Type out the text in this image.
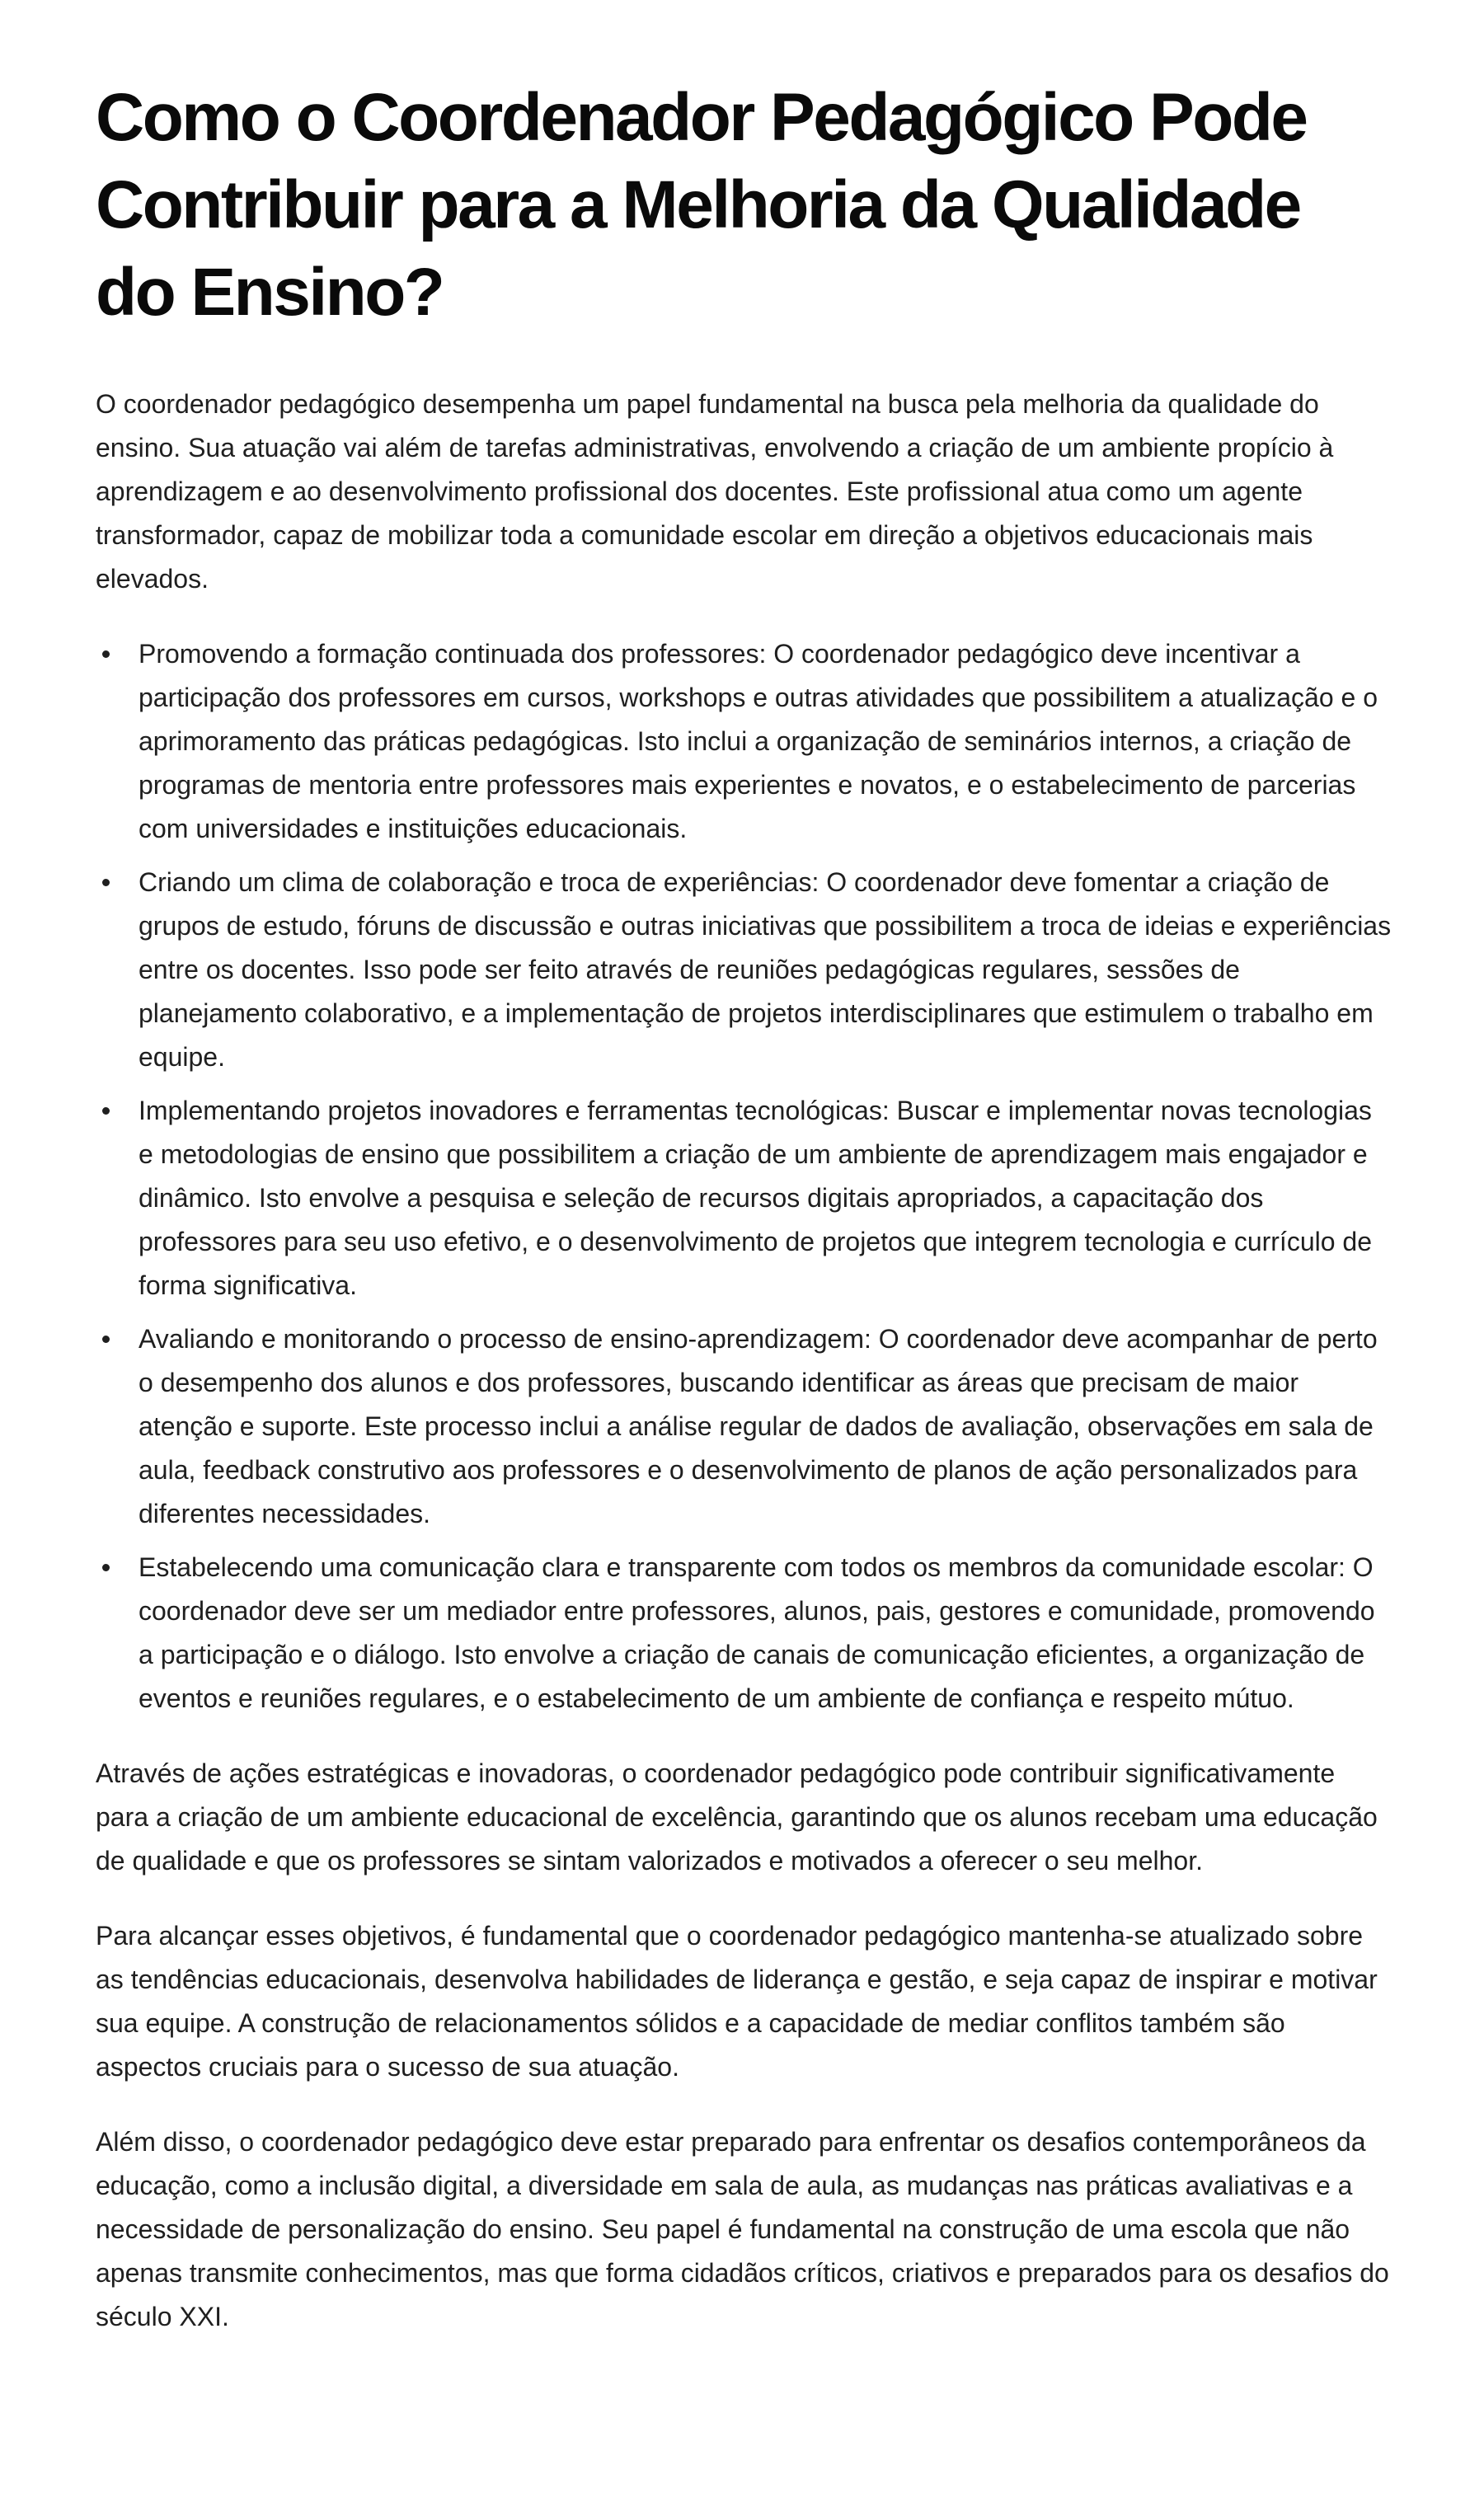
Como o Coordenador Pedagógico Pode Contribuir para a Melhoria da Qualidade do Ensino?

O coordenador pedagógico desempenha um papel fundamental na busca pela melhoria da qualidade do ensino. Sua atuação vai além de tarefas administrativas, envolvendo a criação de um ambiente propício à aprendizagem e ao desenvolvimento profissional dos docentes. Este profissional atua como um agente transformador, capaz de mobilizar toda a comunidade escolar em direção a objetivos educacionais mais elevados.

Promovendo a formação continuada dos professores: O coordenador pedagógico deve incentivar a participação dos professores em cursos, workshops e outras atividades que possibilitem a atualização e o aprimoramento das práticas pedagógicas. Isto inclui a organização de seminários internos, a criação de programas de mentoria entre professores mais experientes e novatos, e o estabelecimento de parcerias com universidades e instituições educacionais.
Criando um clima de colaboração e troca de experiências: O coordenador deve fomentar a criação de grupos de estudo, fóruns de discussão e outras iniciativas que possibilitem a troca de ideias e experiências entre os docentes. Isso pode ser feito através de reuniões pedagógicas regulares, sessões de planejamento colaborativo, e a implementação de projetos interdisciplinares que estimulem o trabalho em equipe.
Implementando projetos inovadores e ferramentas tecnológicas: Buscar e implementar novas tecnologias e metodologias de ensino que possibilitem a criação de um ambiente de aprendizagem mais engajador e dinâmico. Isto envolve a pesquisa e seleção de recursos digitais apropriados, a capacitação dos professores para seu uso efetivo, e o desenvolvimento de projetos que integrem tecnologia e currículo de forma significativa.
Avaliando e monitorando o processo de ensino-aprendizagem: O coordenador deve acompanhar de perto o desempenho dos alunos e dos professores, buscando identificar as áreas que precisam de maior atenção e suporte. Este processo inclui a análise regular de dados de avaliação, observações em sala de aula, feedback construtivo aos professores e o desenvolvimento de planos de ação personalizados para diferentes necessidades.
Estabelecendo uma comunicação clara e transparente com todos os membros da comunidade escolar: O coordenador deve ser um mediador entre professores, alunos, pais, gestores e comunidade, promovendo a participação e o diálogo. Isto envolve a criação de canais de comunicação eficientes, a organização de eventos e reuniões regulares, e o estabelecimento de um ambiente de confiança e respeito mútuo.

Através de ações estratégicas e inovadoras, o coordenador pedagógico pode contribuir significativamente para a criação de um ambiente educacional de excelência, garantindo que os alunos recebam uma educação de qualidade e que os professores se sintam valorizados e motivados a oferecer o seu melhor.

Para alcançar esses objetivos, é fundamental que o coordenador pedagógico mantenha-se atualizado sobre as tendências educacionais, desenvolva habilidades de liderança e gestão, e seja capaz de inspirar e motivar sua equipe. A construção de relacionamentos sólidos e a capacidade de mediar conflitos também são aspectos cruciais para o sucesso de sua atuação.

Além disso, o coordenador pedagógico deve estar preparado para enfrentar os desafios contemporâneos da educação, como a inclusão digital, a diversidade em sala de aula, as mudanças nas práticas avaliativas e a necessidade de personalização do ensino. Seu papel é fundamental na construção de uma escola que não apenas transmite conhecimentos, mas que forma cidadãos críticos, criativos e preparados para os desafios do século XXI.
